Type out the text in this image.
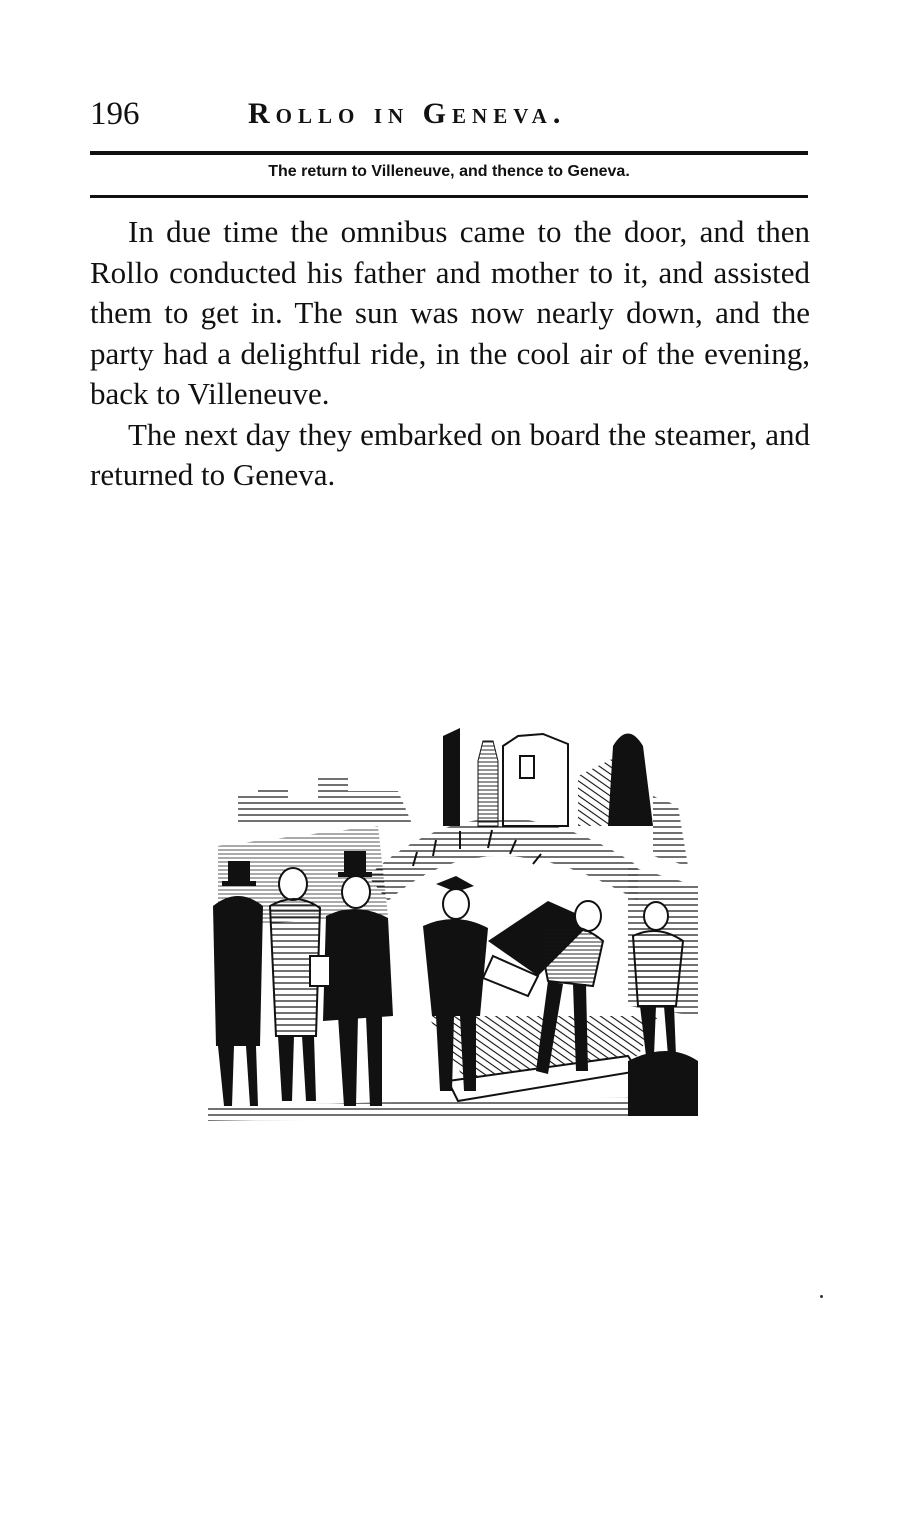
196	Rollo in Geneva.
The return to Villeneuve, and thence to Geneva.

In due time the omnibus came to the door, and then Rollo conducted his father and mother to it, and assisted them to get in. The sun was now nearly down, and the party had a delightful ride, in the cool air of the evening, back to Villeneuve.

The next day they embarked on board the steamer, and returned to Geneva.
